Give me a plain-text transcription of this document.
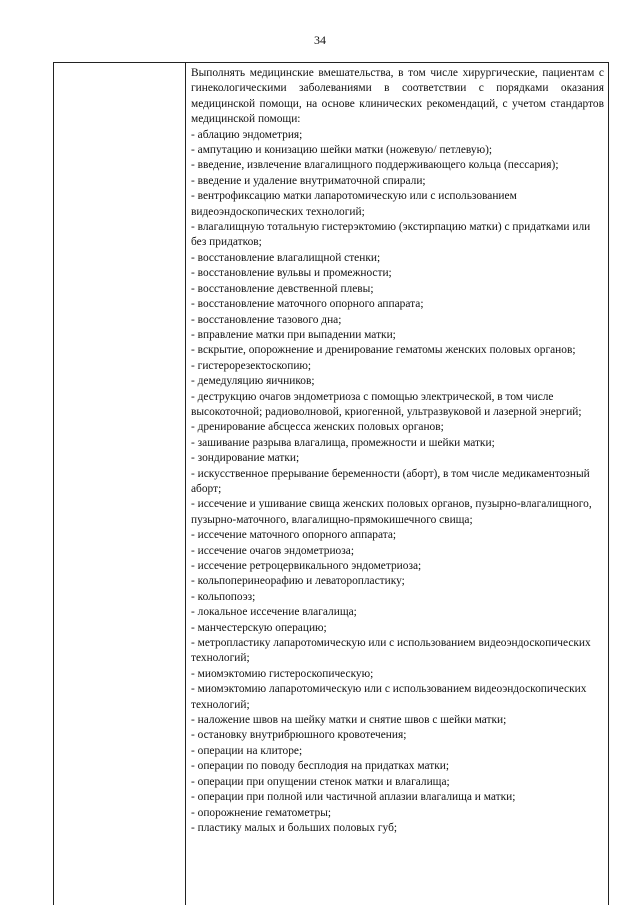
34

Выполнять медицинские вмешательства, в том числе хирургические, пациентам с гинекологическими заболеваниями в соответствии с порядками оказания медицинской помощи, на основе клинических рекомендаций, с учетом стандартов медицинской помощи:

- аблацию эндометрия;
- ампутацию и конизацию шейки матки (ножевую/ петлевую);
- введение, извлечение влагалищного поддерживающего кольца (пессария);
- введение и удаление внутриматочной спирали;
- вентрофиксацию матки лапаротомическую или с использованием видеоэндоскопических технологий;
- влагалищную тотальную гистерэктомию (экстирпацию матки) с придатками или без придатков;
- восстановление влагалищной стенки;
- восстановление вульвы и промежности;
- восстановление девственной плевы;
- восстановление маточного опорного аппарата;
- восстановление тазового дна;
- вправление матки при выпадении матки;
- вскрытие, опорожнение и дренирование гематомы женских половых органов;
- гистерорезектоскопию;
- демедуляцию яичников;
- деструкцию очагов эндометриоза с помощью электрической, в том числе высокоточной; радиоволновой, криогенной, ультразвуковой и лазерной энергий;
- дренирование абсцесса женских половых органов;
- зашивание разрыва влагалища, промежности и шейки матки;
- зондирование матки;
- искусственное прерывание беременности (аборт), в том числе медикаментозный аборт;
- иссечение и ушивание свища женских половых органов, пузырно-влагалищного, пузырно-маточного, влагалищно-прямокишечного свища;
- иссечение маточного опорного аппарата;
- иссечение очагов эндометриоза;
- иссечение ретроцервикального эндометриоза;
- кольпоперинеорафию и леваторопластику;
- кольпопоэз;
- локальное иссечение влагалища;
- манчестерскую операцию;
- метропластику лапаротомическую или с использованием видеоэндоскопических технологий;
- миомэктомию гистероскопическую;
- миомэктомию лапаротомическую или с использованием видеоэндоскопических технологий;
- наложение швов на шейку матки и снятие швов с шейки матки;
- остановку внутрибрюшного кровотечения;
- операции на клиторе;
- операции по поводу бесплодия на придатках матки;
- операции при опущении стенок матки и влагалища;
- операции при полной или частичной аплазии влагалища и матки;
- опорожнение гематометры;
- пластику малых и больших половых губ;
